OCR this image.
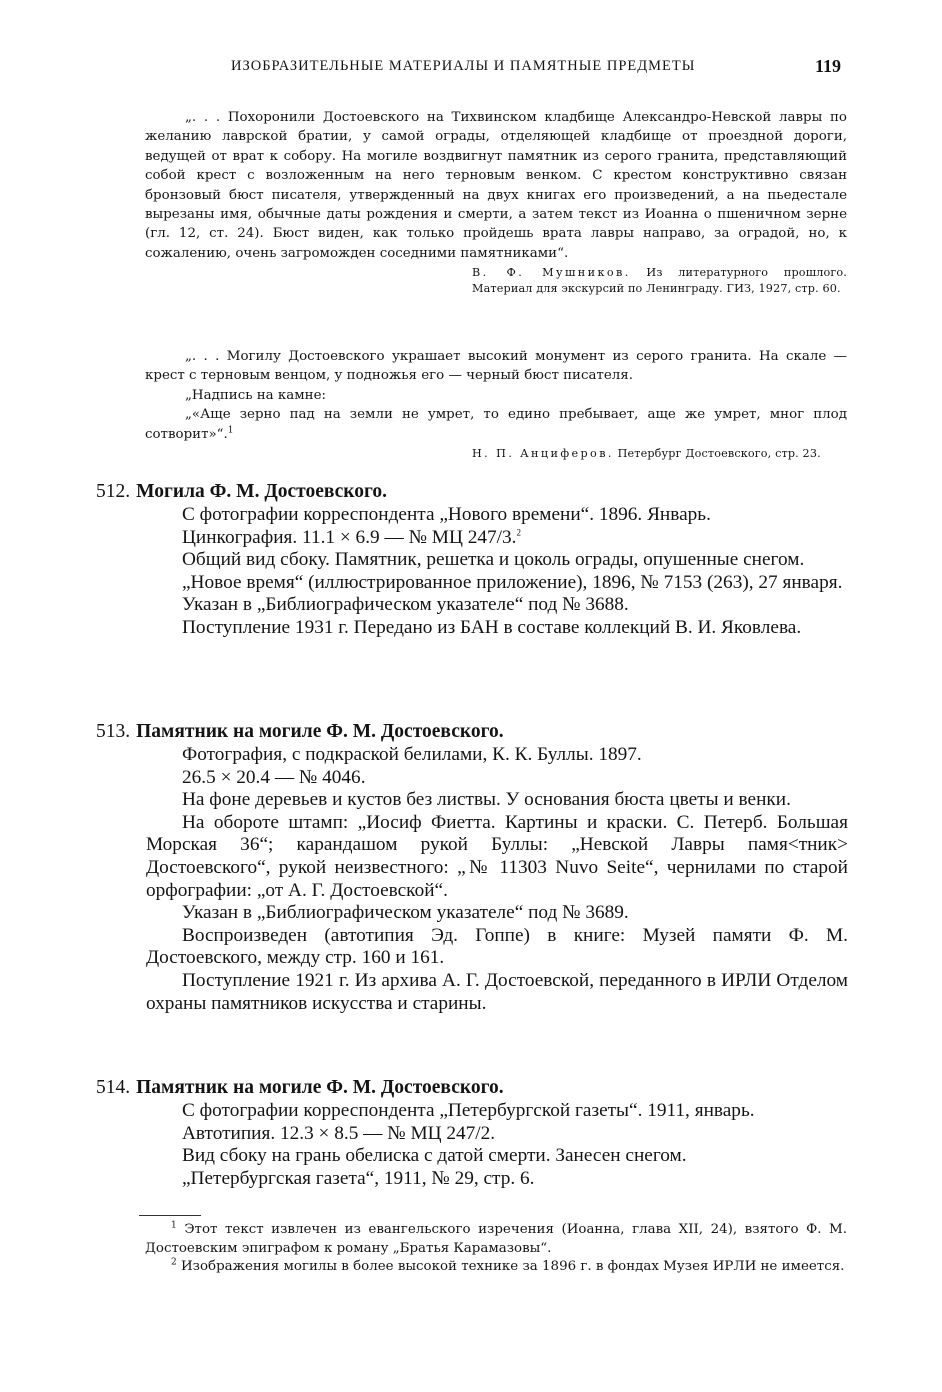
ИЗОБРАЗИТЕЛЬНЫЕ МАТЕРИАЛЫ И ПАМЯТНЫЕ ПРЕДМЕТЫ	119

„. . . Похоронили Достоевского на Тихвинском кладбище Александро-Невской лавры по желанию лаврской братии, у самой ограды, отделяющей кладбище от проездной дороги, ведущей от врат к собору. На могиле воздвигнут памятник из серого гранита, представляющий собой крест с возложенным на него терновым венком. С крестом конструктивно связан бронзовый бюст писателя, утвержденный на двух книгах его произведений, а на пьедестале вырезаны имя, обычные даты рождения и смерти, а затем текст из Иоанна о пшеничном зерне (гл. 12, ст. 24). Бюст виден, как только пройдешь врата лавры направо, за оградой, но, к сожалению, очень загроможден соседними памятниками“.

В. Ф. Мушников. Из литературного прошлого. Материал для экскурсий по Ленинграду. ГИЗ, 1927, стр. 60.

„. . . Могилу Достоевского украшает высокий монумент из серого гранита. На скале — крест с терновым венцом, у подножья его — черный бюст писателя.

„Надпись на камне:

„«Аще зерно пад на земли не умрет, то едино пребывает, аще же умрет, мног плод сотворит»“.$^1$

Н. П. Анциферов. Петербург Достоевского, стр. 23.
512. Могила Ф. М. Достоевского.

С фотографии корреспондента „Нового времени“. 1896. Январь.

Цинкография. 11.1 × 6.9 — № МЦ 247/3.$^2$

Общий вид сбоку. Памятник, решетка и цоколь ограды, опушенные снегом.

„Новое время“ (иллюстрированное приложение), 1896, № 7153 (263), 27 января.

Указан в „Библиографическом указателе“ под № 3688.

Поступление 1931 г. Передано из БАН в составе коллекций В. И. Яковлева.

513. Памятник на могиле Ф. М. Достоевского.

Фотография, с подкраской белилами, К. К. Буллы. 1897.

26.5 × 20.4 — № 4046.

На фоне деревьев и кустов без листвы. У основания бюста цветы и венки.

На обороте штамп: „Иосиф Фиетта. Картины и краски. С. Петерб. Большая Морская 36“; карандашом рукой Буллы: „Невской Лавры памя<тник> Достоевского“, рукой неизвестного: „№ 11303 Nuvo Seite“, чернилами по старой орфографии: „от А. Г. Достоевской“.

Указан в „Библиографическом указателе“ под № 3689.

Воспроизведен (автотипия Эд. Гоппе) в книге: Музей памяти Ф. М. Достоевского, между стр. 160 и 161.

Поступление 1921 г. Из архива А. Г. Достоевской, переданного в ИРЛИ Отделом охраны памятников искусства и старины.

514. Памятник на могиле Ф. М. Достоевского.

С фотографии корреспондента „Петербургской газеты“. 1911, январь.

Автотипия. 12.3 × 8.5 — № МЦ 247/2.

Вид сбоку на грань обелиска с датой смерти. Занесен снегом.

„Петербургская газета“, 1911, № 29, стр. 6.

$^1$ Этот текст извлечен из евангельского изречения (Иоанна, глава XII, 24), взятого Ф. М. Достоевским эпиграфом к роману „Братья Карамазовы“.

$^2$ Изображения могилы в более высокой технике за 1896 г. в фондах Музея ИРЛИ не имеется.
